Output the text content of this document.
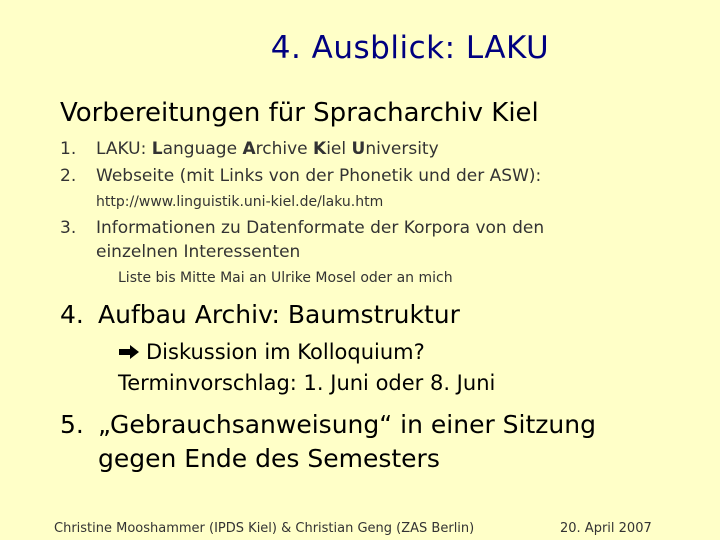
4. Ausblick: LAKU
Vorbereitungen für Spracharchiv Kiel
1.	LAKU: Language Archive Kiel University
2.	Webseite (mit Links von der Phonetik und der ASW):
http://www.linguistik.uni-kiel.de/laku.htm
3.	Informationen zu Datenformate der Korpora von den
einzelnen Interessenten
Liste bis Mitte Mai an Ulrike Mosel oder an mich
4. Aufbau Archiv: Baumstruktur
Diskussion im Kolloquium?
Terminvorschlag: 1. Juni oder 8. Juni
5. „Gebrauchsanweisung“ in einer Sitzung
gegen Ende des Semesters
Christine Mooshammer (IPDS Kiel) & Christian Geng (ZAS Berlin)	20. April 2007
